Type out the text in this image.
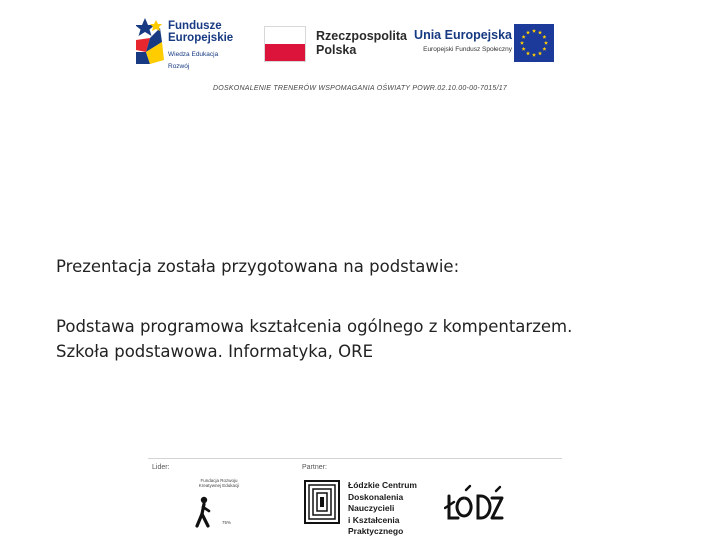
Fundusze
Europejskie
Wiedza Edukacja Rozwój
Rzeczpospolita
Polska
Unia Europejska
Europejski Fundusz Społeczny
DOSKONALENIE TRENERÓW WSPOMAGANIA OŚWIATY POWR.02.10.00-00-7015/17
Prezentacja została przygotowana na podstawie:
Podstawa programowa kształcenia ogólnego z kompentarzem.
Szkoła podstawowa. Informatyka, ORE
Lider:	Partner:
Fundacja Rozwoju
Kreatywnej Edukacji
75%
Łódzkie Centrum
Doskonalenia Nauczycieli
i Kształcenia Praktycznego
